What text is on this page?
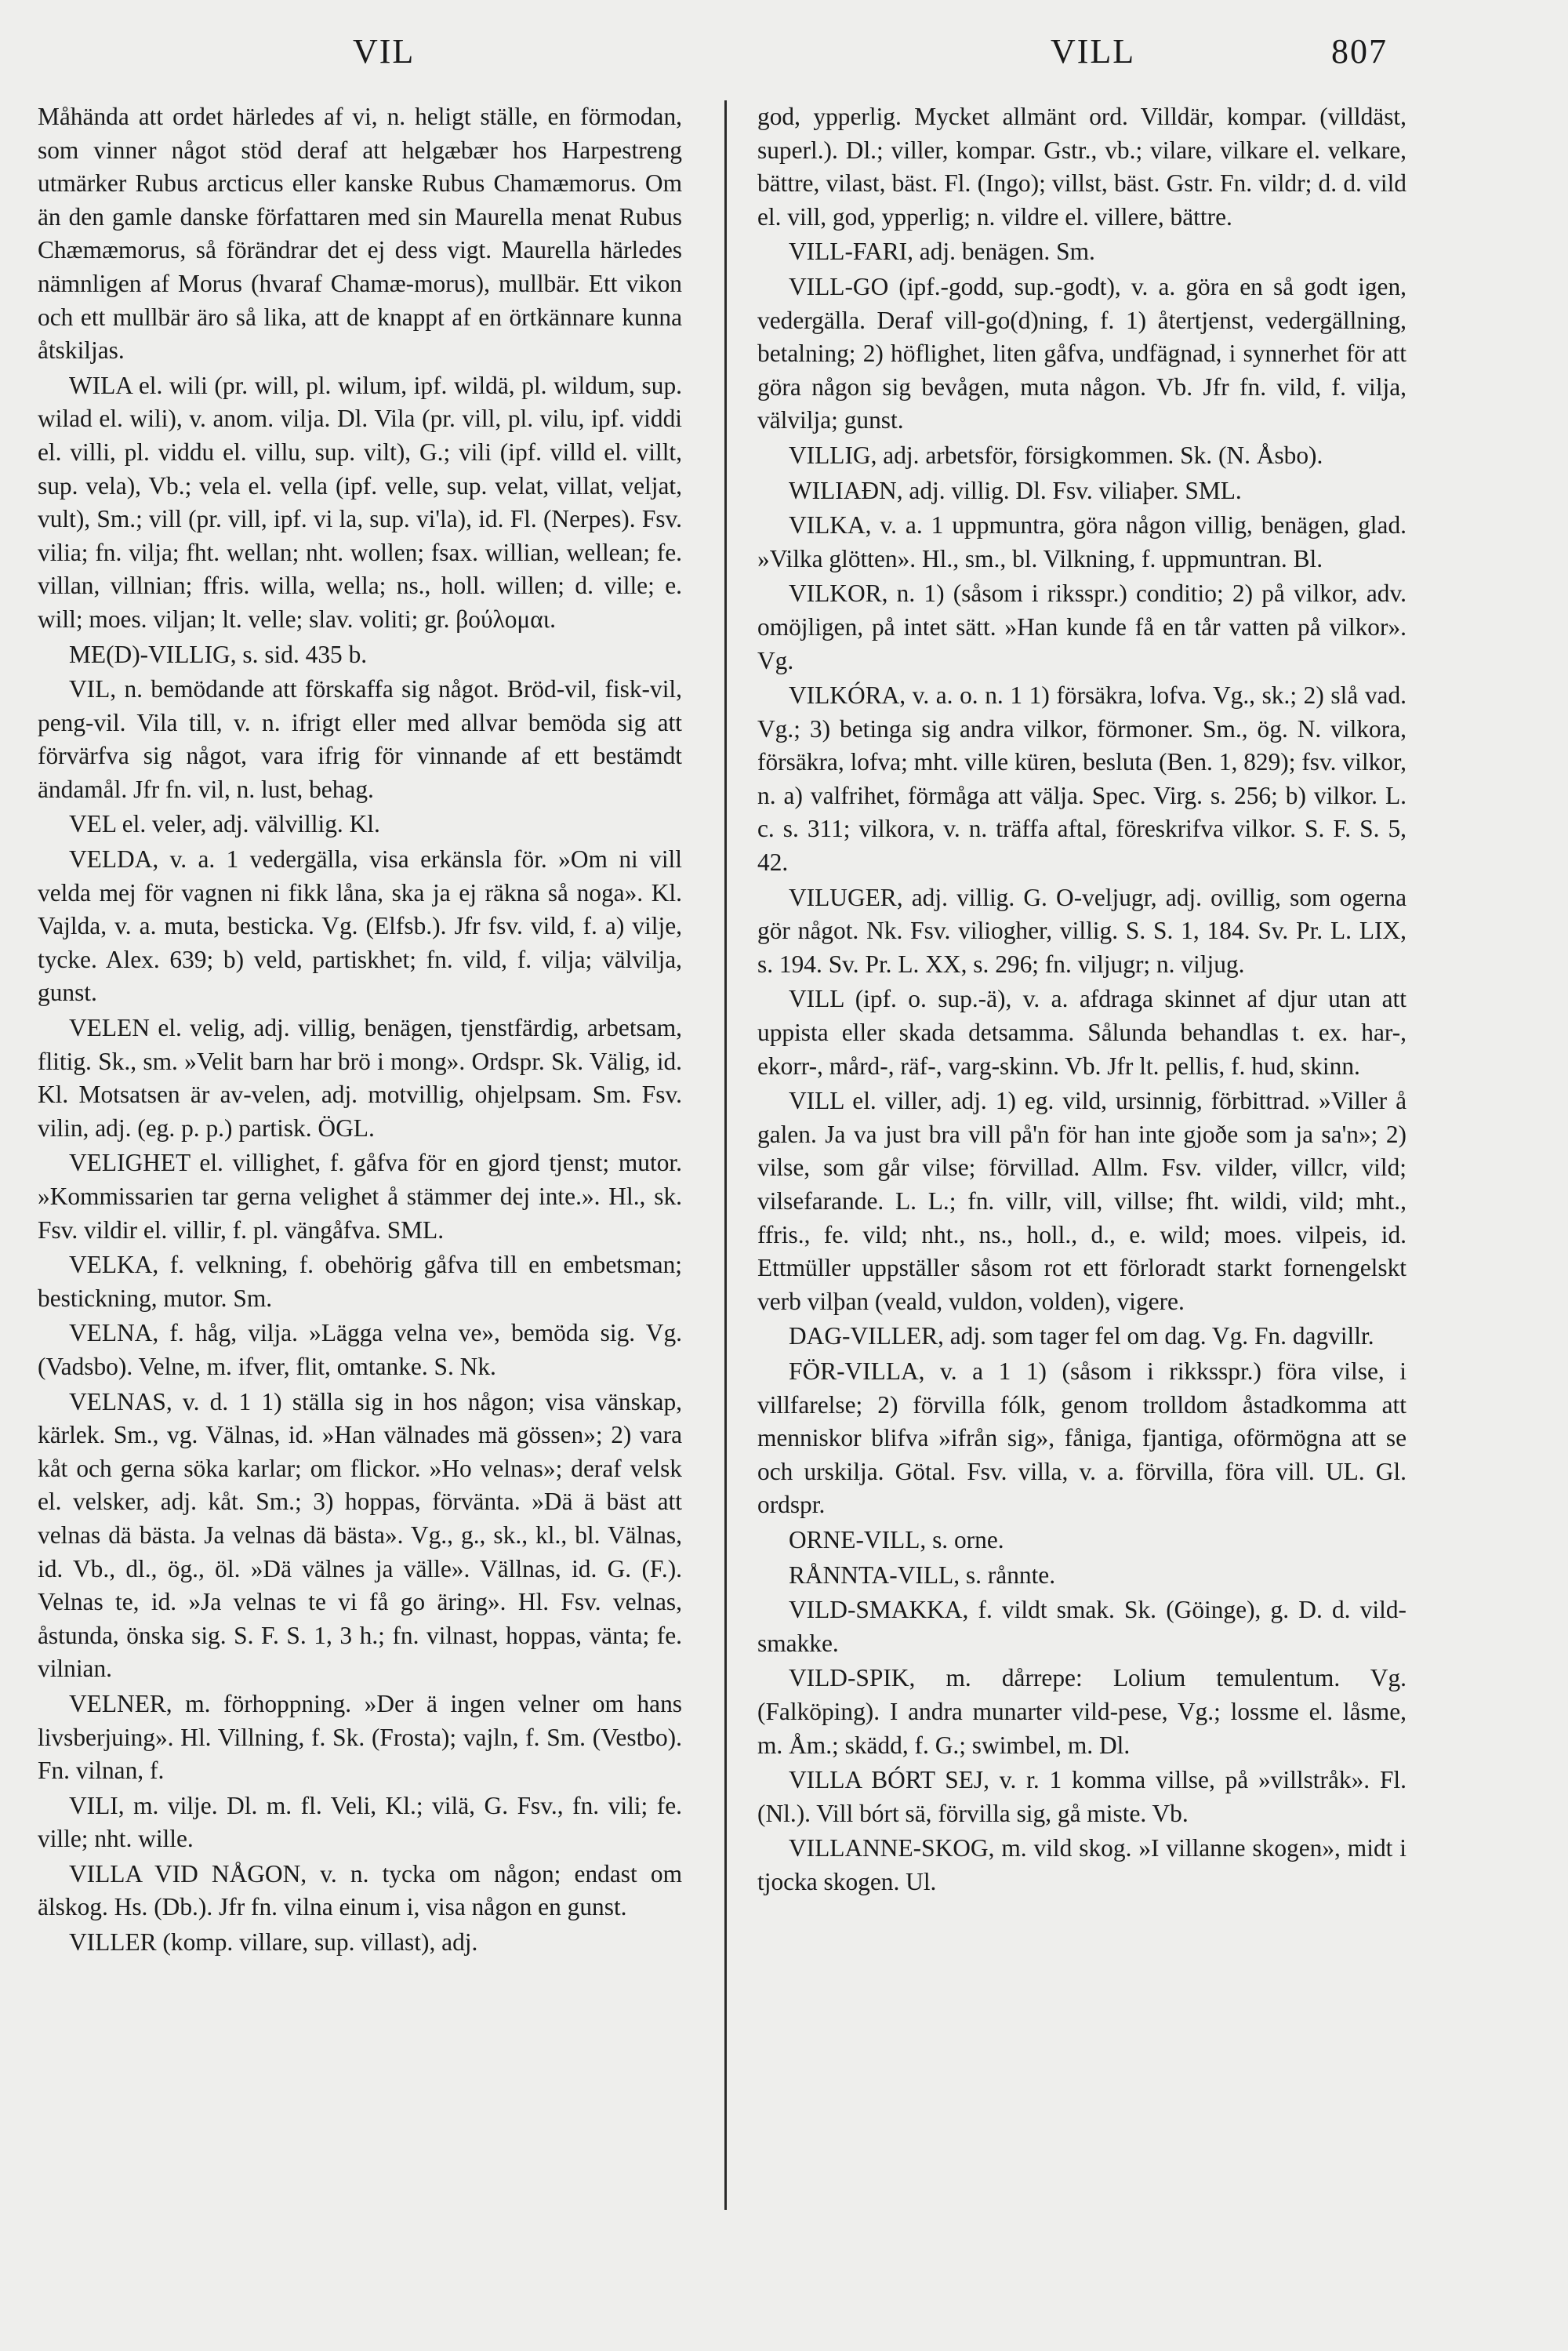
VIL	VILL	807

Måhända att ordet härledes af vi, n. heligt ställe, en förmodan, som vinner något stöd deraf att helgæbær hos Harpestreng utmärker Rubus arcticus eller kanske Rubus Chamæmorus. Om än den gamle danske författaren med sin Maurella menat Rubus Chæmæmorus, så förändrar det ej dess vigt. Maurella härledes nämnligen af Morus (hvaraf Chamæ-morus), mullbär. Ett vikon och ett mullbär äro så lika, att de knappt af en örtkännare kunna åtskiljas.

WILA el. wili (pr. will, pl. wilum, ipf. wildä, pl. wildum, sup. wilad el. wili), v. anom. vilja. Dl. Vila (pr. vill, pl. vilu, ipf. viddi el. villi, pl. viddu el. villu, sup. vilt), G.; vili (ipf. villd el. villt, sup. vela), Vb.; vela el. vella (ipf. velle, sup. velat, villat, veljat, vult), Sm.; vill (pr. vill, ipf. vi la, sup. vi'la), id. Fl. (Nerpes). Fsv. vilia; fn. vilja; fht. wellan; nht. wollen; fsax. willian, wellean; fe. villan, villnian; ffris. willa, wella; ns., holl. willen; d. ville; e. will; moes. viljan; lt. velle; slav. voliti; gr. βούλομαι.

ME(D)-VILLIG, s. sid. 435 b.

VIL, n. bemödande att förskaffa sig något. Bröd-vil, fisk-vil, peng-vil. Vila till, v. n. ifrigt eller med allvar bemöda sig att förvärfva sig något, vara ifrig för vinnande af ett bestämdt ändamål. Jfr fn. vil, n. lust, behag.

VEL el. veler, adj. välvillig. Kl.

VELDA, v. a. 1 vedergälla, visa erkänsla för. »Om ni vill velda mej för vagnen ni fikk låna, ska ja ej räkna så noga». Kl. Vajlda, v. a. muta, besticka. Vg. (Elfsb.). Jfr fsv. vild, f. a) vilje, tycke. Alex. 639; b) veld, partiskhet; fn. vild, f. vilja; välvilja, gunst.

VELEN el. velig, adj. villig, benägen, tjenstfärdig, arbetsam, flitig. Sk., sm. »Velit barn har brö i mong». Ordspr. Sk. Välig, id. Kl. Motsatsen är av-velen, adj. motvillig, ohjelpsam. Sm. Fsv. vilin, adj. (eg. p. p.) partisk. ÖGL.

VELIGHET el. villighet, f. gåfva för en gjord tjenst; mutor. »Kommissarien tar gerna velighet å stämmer dej inte.». Hl., sk. Fsv. vildir el. villir, f. pl. vängåfva. SML.

VELKA, f. velkning, f. obehörig gåfva till en embetsman; bestickning, mutor. Sm.

VELNA, f. håg, vilja. »Lägga velna ve», bemöda sig. Vg. (Vadsbo). Velne, m. ifver, flit, omtanke. S. Nk.

VELNAS, v. d. 1 1) ställa sig in hos någon; visa vänskap, kärlek. Sm., vg. Välnas, id. »Han välnades mä gössen»; 2) vara kåt och gerna söka karlar; om flickor. »Ho velnas»; deraf velsk el. velsker, adj. kåt. Sm.; 3) hoppas, förvänta. »Dä ä bäst att velnas dä bästa. Ja velnas dä bästa». Vg., g., sk., kl., bl. Välnas, id. Vb., dl., ög., öl. »Dä välnes ja välle». Vällnas, id. G. (F.). Velnas te, id. »Ja velnas te vi få go äring». Hl. Fsv. velnas, åstunda, önska sig. S. F. S. 1, 3 h.; fn. vilnast, hoppas, vänta; fe. vilnian.

VELNER, m. förhoppning. »Der ä ingen velner om hans livsberjuing». Hl. Villning, f. Sk. (Frosta); vajln, f. Sm. (Vestbo). Fn. vilnan, f.

VILI, m. vilje. Dl. m. fl. Veli, Kl.; vilä, G. Fsv., fn. vili; fe. ville; nht. wille.

VILLA VID NÅGON, v. n. tycka om någon; endast om älskog. Hs. (Db.). Jfr fn. vilna einum i, visa någon en gunst.

VILLER (komp. villare, sup. villast), adj.

god, ypperlig. Mycket allmänt ord. Villdär, kompar. (villdäst, superl.). Dl.; viller, kompar. Gstr., vb.; vilare, vilkare el. velkare, bättre, vilast, bäst. Fl. (Ingo); villst, bäst. Gstr. Fn. vildr; d. d. vild el. vill, god, ypperlig; n. vildre el. villere, bättre.

VILL-FARI, adj. benägen. Sm.

VILL-GO (ipf.-godd, sup.-godt), v. a. göra en så godt igen, vedergälla. Deraf vill-go(d)ning, f. 1) återtjenst, vedergällning, betalning; 2) höflighet, liten gåfva, undfägnad, i synnerhet för att göra någon sig bevågen, muta någon. Vb. Jfr fn. vild, f. vilja, välvilja; gunst.

VILLIG, adj. arbetsför, försigkommen. Sk. (N. Åsbo).

WILIAÐN, adj. villig. Dl. Fsv. viliaþer. SML.

VILKA, v. a. 1 uppmuntra, göra någon villig, benägen, glad. »Vilka glötten». Hl., sm., bl. Vilkning, f. uppmuntran. Bl.

VILKOR, n. 1) (såsom i riksspr.) conditio; 2) på vilkor, adv. omöjligen, på intet sätt. »Han kunde få en tår vatten på vilkor». Vg.

VILKÓRA, v. a. o. n. 1 1) försäkra, lofva. Vg., sk.; 2) slå vad. Vg.; 3) betinga sig andra vilkor, förmoner. Sm., ög. N. vilkora, försäkra, lofva; mht. ville küren, besluta (Ben. 1, 829); fsv. vilkor, n. a) valfrihet, förmåga att välja. Spec. Virg. s. 256; b) vilkor. L. c. s. 311; vilkora, v. n. träffa aftal, föreskrifva vilkor. S. F. S. 5, 42.

VILUGER, adj. villig. G. O-veljugr, adj. ovillig, som ogerna gör något. Nk. Fsv. viliogher, villig. S. S. 1, 184. Sv. Pr. L. LIX, s. 194. Sv. Pr. L. XX, s. 296; fn. viljugr; n. viljug.

VILL (ipf. o. sup.-ä), v. a. afdraga skinnet af djur utan att uppista eller skada detsamma. Sålunda behandlas t. ex. har-, ekorr-, mård-, räf-, varg-skinn. Vb. Jfr lt. pellis, f. hud, skinn.

VILL el. viller, adj. 1) eg. vild, ursinnig, förbittrad. »Viller å galen. Ja va just bra vill på'n för han inte gjoðe som ja sa'n»; 2) vilse, som går vilse; förvillad. Allm. Fsv. vilder, villcr, vild; vilsefarande. L. L.; fn. villr, vill, villse; fht. wildi, vild; mht., ffris., fe. vild; nht., ns., holl., d., e. wild; moes. vilpeis, id. Ettmüller uppställer såsom rot ett förloradt starkt fornengelskt verb vilþan (veald, vuldon, volden), vigere.

DAG-VILLER, adj. som tager fel om dag. Vg. Fn. dagvillr.

FÖR-VILLA, v. a 1 1) (såsom i rikksspr.) föra vilse, i villfarelse; 2) förvilla fólk, genom trolldom åstadkomma att menniskor blifva »ifrån sig», fåniga, fjantiga, oförmögna att se och urskilja. Götal. Fsv. villa, v. a. förvilla, föra vill. UL. Gl. ordspr.

ORNE-VILL, s. orne.

RÅNNTA-VILL, s. rånnte.

VILD-SMAKKA, f. vildt smak. Sk. (Göinge), g. D. d. vild-smakke.

VILD-SPIK, m. dårrepe: Lolium temulentum. Vg. (Falköping). I andra munarter vild-pese, Vg.; lossme el. låsme, m. Åm.; skädd, f. G.; swimbel, m. Dl.

VILLA BÓRT SEJ, v. r. 1 komma villse, på »villstråk». Fl. (Nl.). Vill bórt sä, förvilla sig, gå miste. Vb.

VILLANNE-SKOG, m. vild skog. »I villanne skogen», midt i tjocka skogen. Ul.
